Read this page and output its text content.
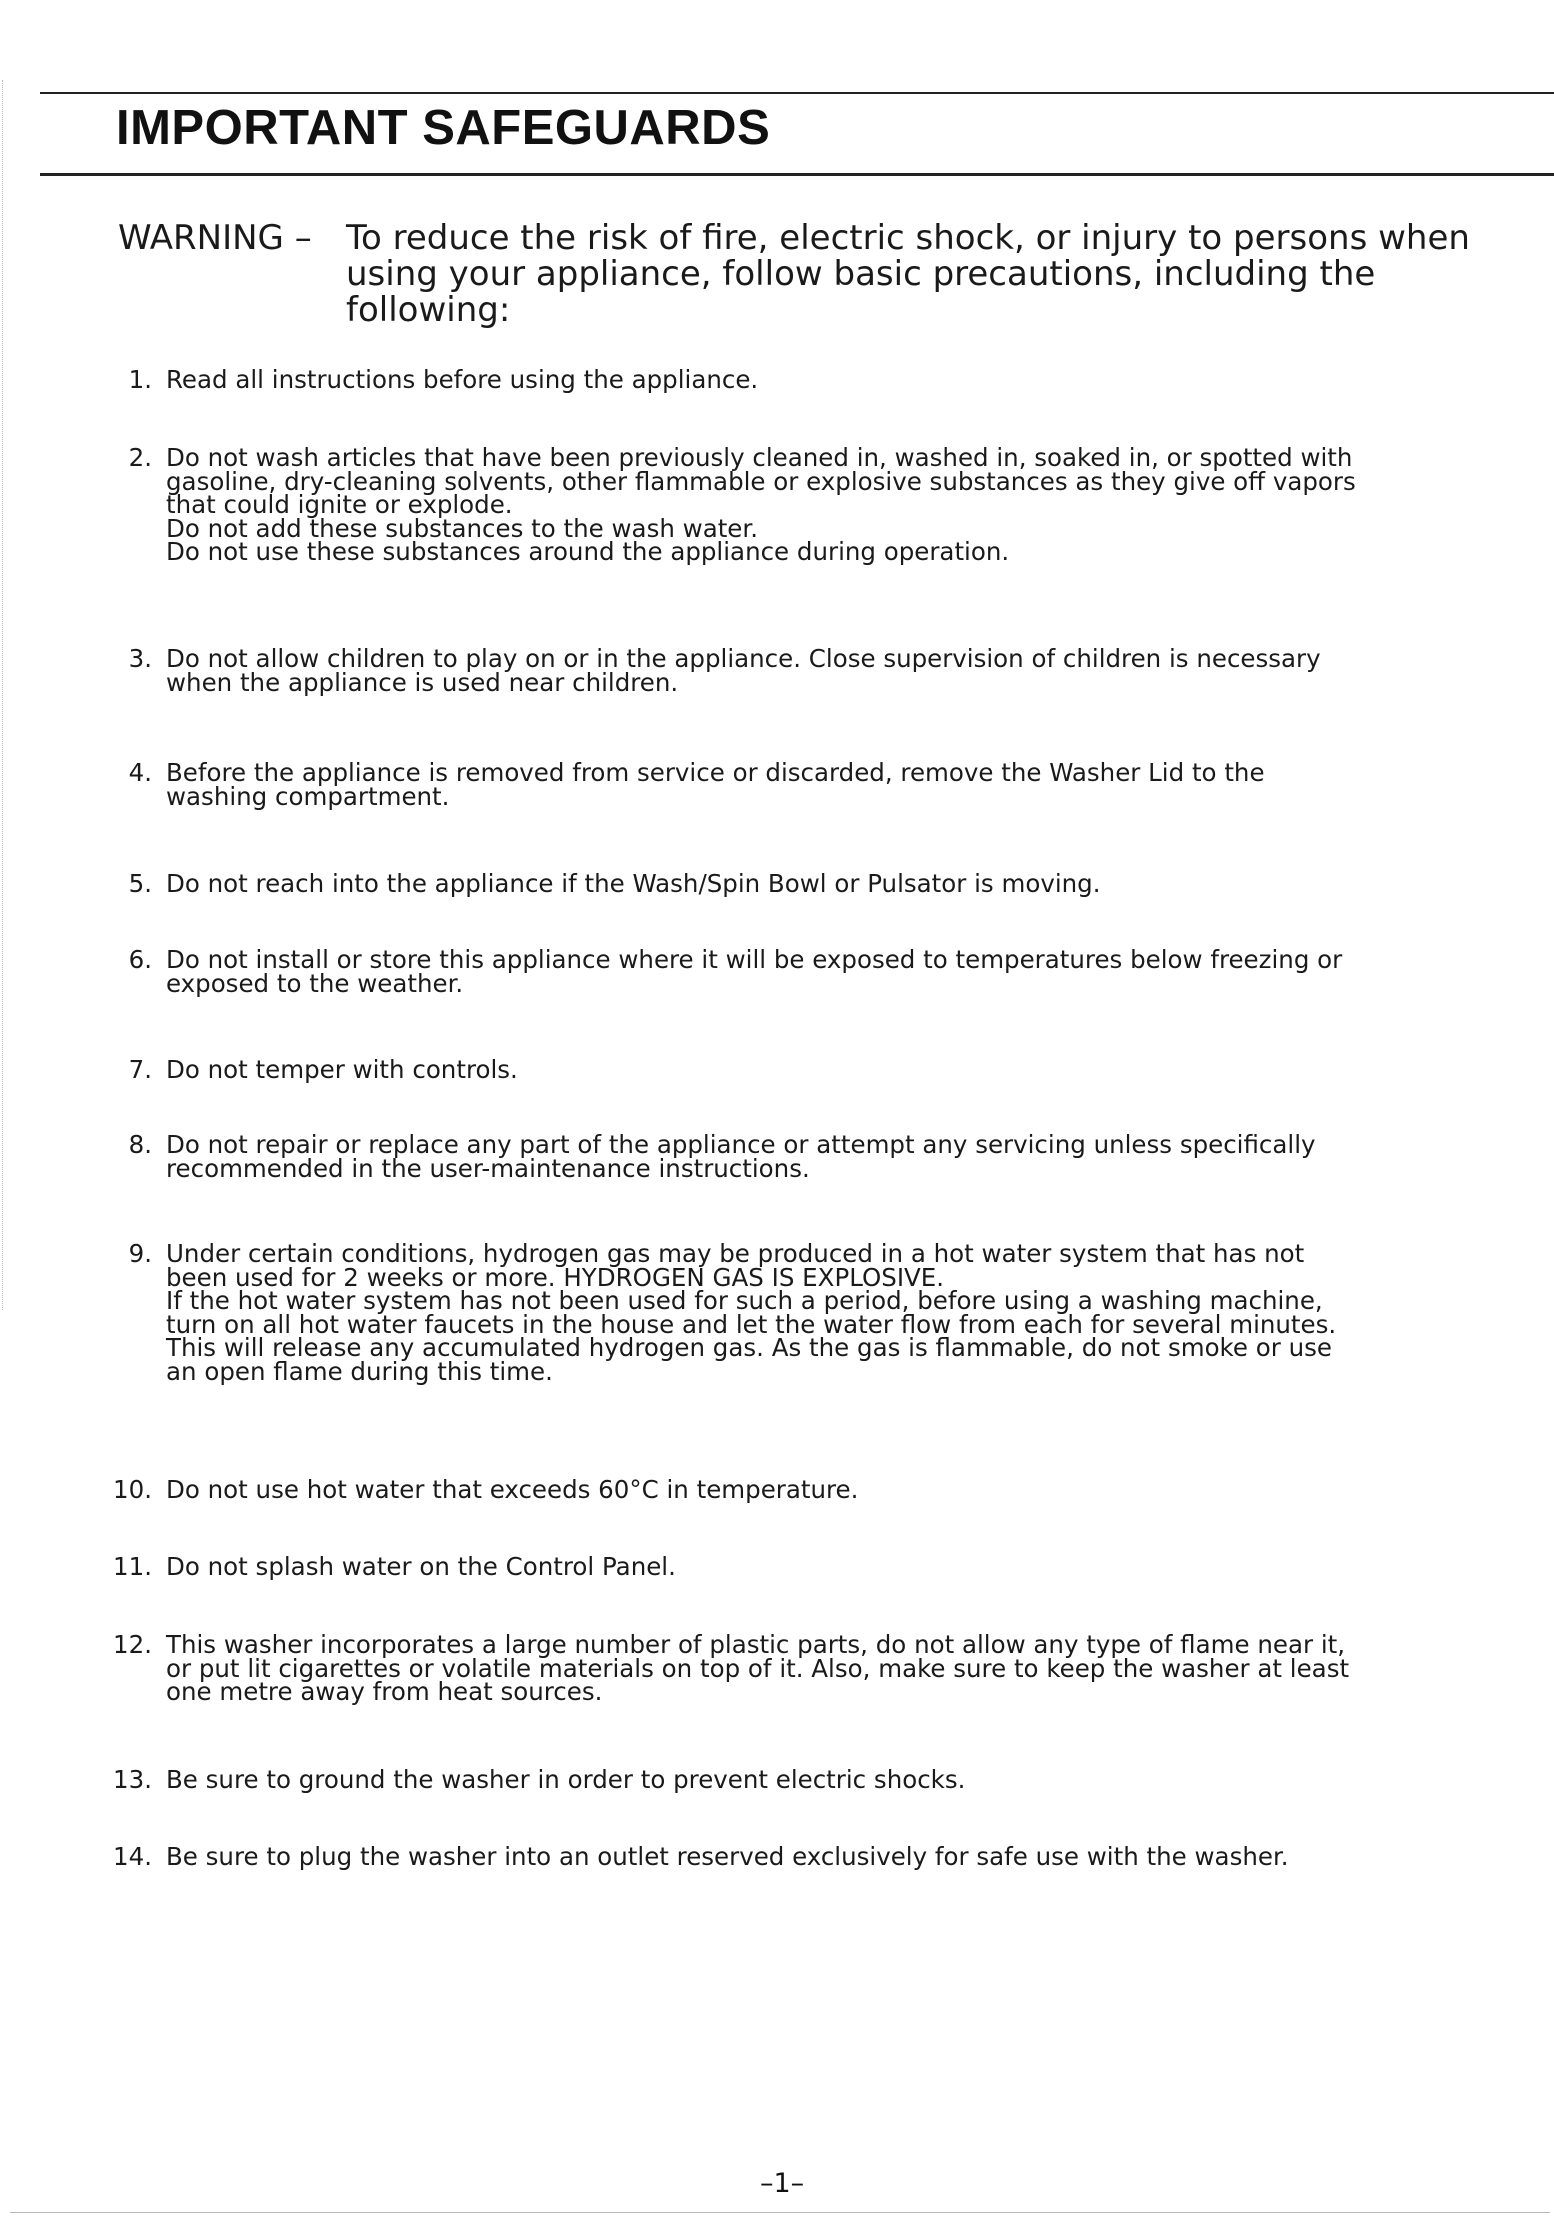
IMPORTANT SAFEGUARDS
WARNING – To reduce the risk of fire, electric shock, or injury to persons when
using your appliance, follow basic precautions, including the
following:
1. Read all instructions before using the appliance.
2. Do not wash articles that have been previously cleaned in, washed in, soaked in, or spotted with
gasoline, dry-cleaning solvents, other flammable or explosive substances as they give off vapors
that could ignite or explode.
Do not add these substances to the wash water.
Do not use these substances around the appliance during operation.
3. Do not allow children to play on or in the appliance. Close supervision of children is necessary
when the appliance is used near children.
4. Before the appliance is removed from service or discarded, remove the Washer Lid to the
washing compartment.
5. Do not reach into the appliance if the Wash/Spin Bowl or Pulsator is moving.
6. Do not install or store this appliance where it will be exposed to temperatures below freezing or
exposed to the weather.
7. Do not temper with controls.
8. Do not repair or replace any part of the appliance or attempt any servicing unless specifically
recommended in the user-maintenance instructions.
9. Under certain conditions, hydrogen gas may be produced in a hot water system that has not
been used for 2 weeks or more. HYDROGEN GAS IS EXPLOSIVE.
If the hot water system has not been used for such a period, before using a washing machine,
turn on all hot water faucets in the house and let the water flow from each for several minutes.
This will release any accumulated hydrogen gas. As the gas is flammable, do not smoke or use
an open flame during this time.
10. Do not use hot water that exceeds 60°C in temperature.
11. Do not splash water on the Control Panel.
12. This washer incorporates a large number of plastic parts, do not allow any type of flame near it,
or put lit cigarettes or volatile materials on top of it. Also, make sure to keep the washer at least
one metre away from heat sources.
13. Be sure to ground the washer in order to prevent electric shocks.
14. Be sure to plug the washer into an outlet reserved exclusively for safe use with the washer.
–1–
